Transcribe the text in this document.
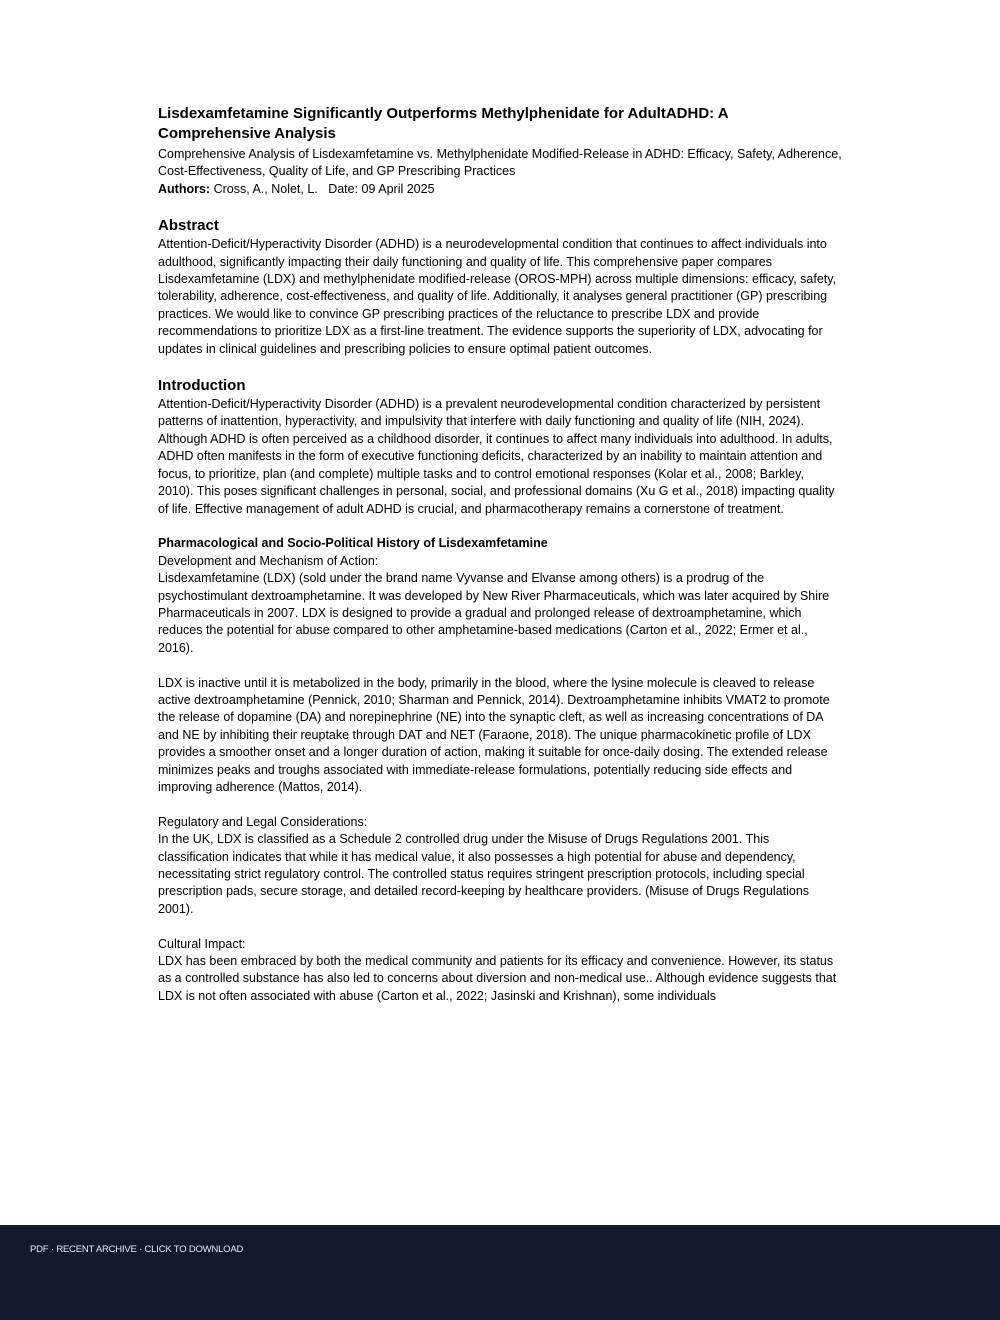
Lisdexamfetamine Significantly Outperforms Methylphenidate for AdultADHD: A Comprehensive Analysis

Comprehensive Analysis of Lisdexamfetamine vs. Methylphenidate Modified-Release in ADHD: Efficacy, Safety, Adherence, Cost-Effectiveness, Quality of Life, and GP Prescribing Practices

Authors: Cross, A., Nolet, L. Date: 09 April 2025

Abstract

Attention-Deficit/Hyperactivity Disorder (ADHD) is a neurodevelopmental condition that continues to affect individuals into adulthood, significantly impacting their daily functioning and quality of life. This comprehensive paper compares Lisdexamfetamine (LDX) and methylphenidate modified-release (OROS-MPH) across multiple dimensions: efficacy, safety, tolerability, adherence, cost-effectiveness, and quality of life. Additionally, it analyses general practitioner (GP) prescribing practices. We would like to convince GP prescribing practices of the reluctance to prescribe LDX and provide recommendations to prioritize LDX as a first-line treatment. The evidence supports the superiority of LDX, advocating for updates in clinical guidelines and prescribing policies to ensure optimal patient outcomes.

Introduction

Attention-Deficit/Hyperactivity Disorder (ADHD) is a prevalent neurodevelopmental condition characterized by persistent patterns of inattention, hyperactivity, and impulsivity that interfere with daily functioning and quality of life (NIH, 2024). Although ADHD is often perceived as a childhood disorder, it continues to affect many individuals into adulthood. In adults, ADHD often manifests in the form of executive functioning deficits, characterized by an inability to maintain attention and focus, to prioritize, plan (and complete) multiple tasks and to control emotional responses (Kolar et al., 2008; Barkley, 2010). This poses significant challenges in personal, social, and professional domains (Xu G et al., 2018) impacting quality of life. Effective management of adult ADHD is crucial, and pharmacotherapy remains a cornerstone of treatment.

Pharmacological and Socio-Political History of Lisdexamfetamine

Development and Mechanism of Action:

Lisdexamfetamine (LDX) (sold under the brand name Vyvanse and Elvanse among others) is a prodrug of the psychostimulant dextroamphetamine. It was developed by New River Pharmaceuticals, which was later acquired by Shire Pharmaceuticals in 2007. LDX is designed to provide a gradual and prolonged release of dextroamphetamine, which reduces the potential for abuse compared to other amphetamine-based medications (Carton et al., 2022; Ermer et al., 2016).

LDX is inactive until it is metabolized in the body, primarily in the blood, where the lysine molecule is cleaved to release active dextroamphetamine (Pennick, 2010; Sharman and Pennick, 2014). Dextroamphetamine inhibits VMAT2 to promote the release of dopamine (DA) and norepinephrine (NE) into the synaptic cleft, as well as increasing concentrations of DA and NE by inhibiting their reuptake through DAT and NET (Faraone, 2018). The unique pharmacokinetic profile of LDX provides a smoother onset and a longer duration of action, making it suitable for once-daily dosing. The extended release minimizes peaks and troughs associated with immediate-release formulations, potentially reducing side effects and improving adherence (Mattos, 2014).

Regulatory and Legal Considerations:

In the UK, LDX is classified as a Schedule 2 controlled drug under the Misuse of Drugs Regulations 2001. This classification indicates that while it has medical value, it also possesses a high potential for abuse and dependency, necessitating strict regulatory control. The controlled status requires stringent prescription protocols, including special prescription pads, secure storage, and detailed record-keeping by healthcare providers. (Misuse of Drugs Regulations 2001).

Cultural Impact:

LDX has been embraced by both the medical community and patients for its efficacy and convenience. However, its status as a controlled substance has also led to concerns about diversion and non-medical use.. Although evidence suggests that LDX is not often associated with abuse (Carton et al., 2022; Jasinski and Krishnan), some individuals

PDF · RECENT ARCHIVE · CLICK TO DOWNLOAD
